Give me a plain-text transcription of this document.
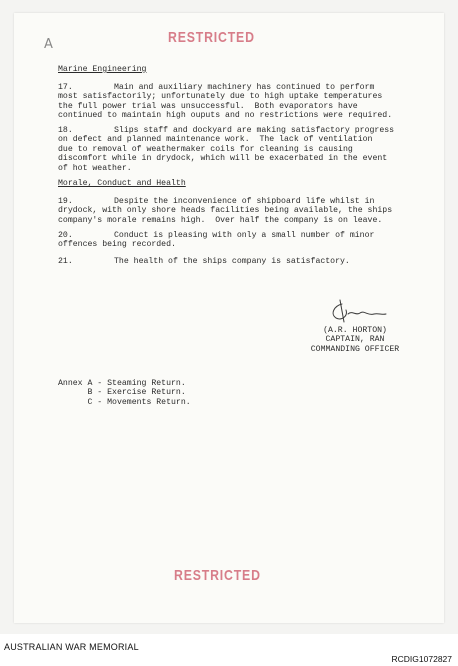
RESTRICTED
A
Marine Engineering
17.	Main and auxiliary machinery has continued to perform
most satisfactorily; unfortunately due to high uptake temperatures
the full power trial was unsuccessful.  Both evaporators have
continued to maintain high ouputs and no restrictions were required.
18.	Slips staff and dockyard are making satisfactory progress
on defect and planned maintenance work.  The lack of ventilation
due to removal of weathermaker coils for cleaning is causing
discomfort while in drydock, which will be exacerbated in the event
of hot weather.
Morale, Conduct and Health
19.	Despite the inconvenience of shipboard life whilst in
drydock, with only shore heads facilities being available, the ships
company's morale remains high.  Over half the company is on leave.
20.	Conduct is pleasing with only a small number of minor
offences being recorded.
21.	The health of the ships company is satisfactory.
(A.R. HORTON)
CAPTAIN, RAN
COMMANDING OFFICER
Annex A - Steaming Return.
B - Exercise Return.
C - Movements Return.
RESTRICTED
AUSTRALIAN WAR MEMORIAL
RCDIG1072827
